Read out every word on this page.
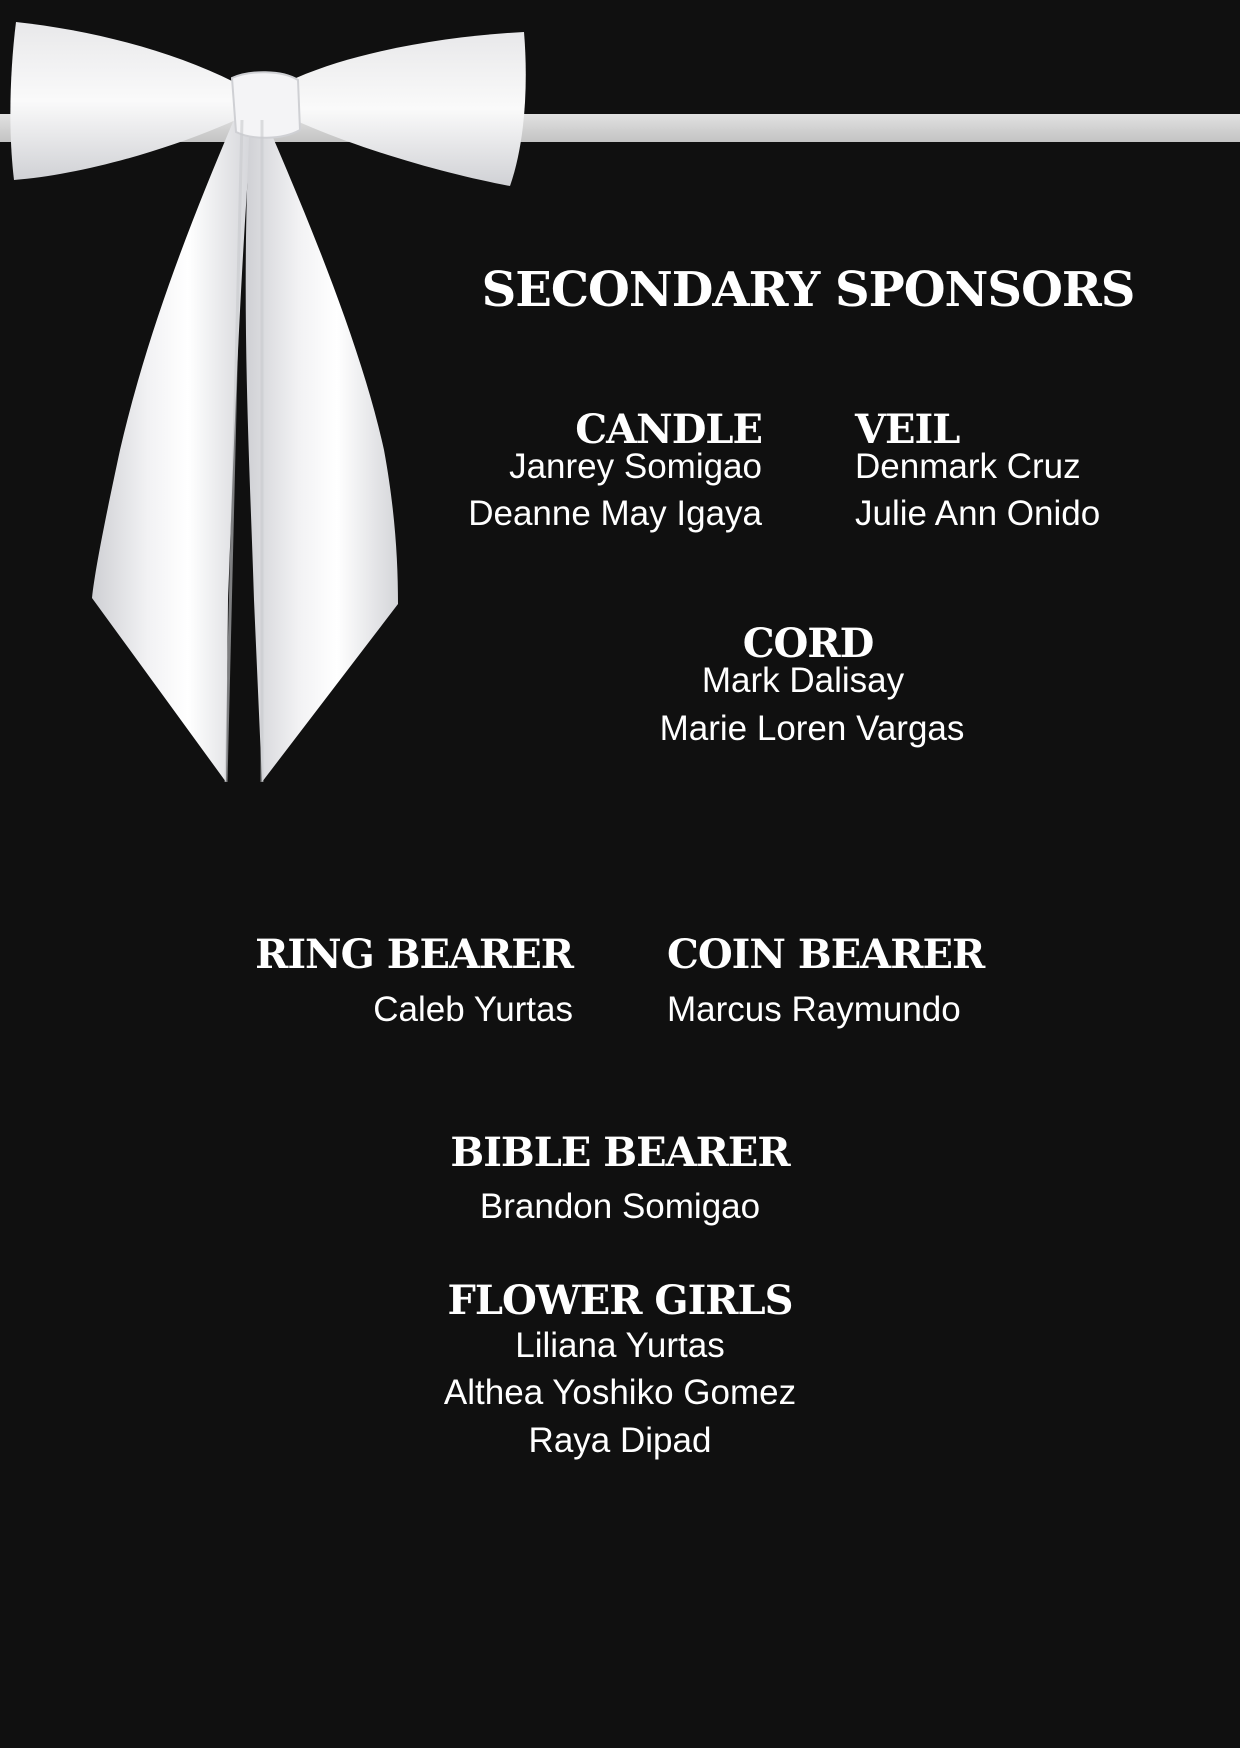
SECONDARY SPONSORS
CANDLE
Janrey Somigao
Deanne May Igaya
VEIL
Denmark Cruz
Julie Ann Onido
CORD
Mark Dalisay
Marie Loren Vargas
RING BEARER
Caleb Yurtas
COIN BEARER
Marcus Raymundo
BIBLE BEARER
Brandon Somigao
FLOWER GIRLS
Liliana Yurtas
Althea Yoshiko Gomez
Raya Dipad
